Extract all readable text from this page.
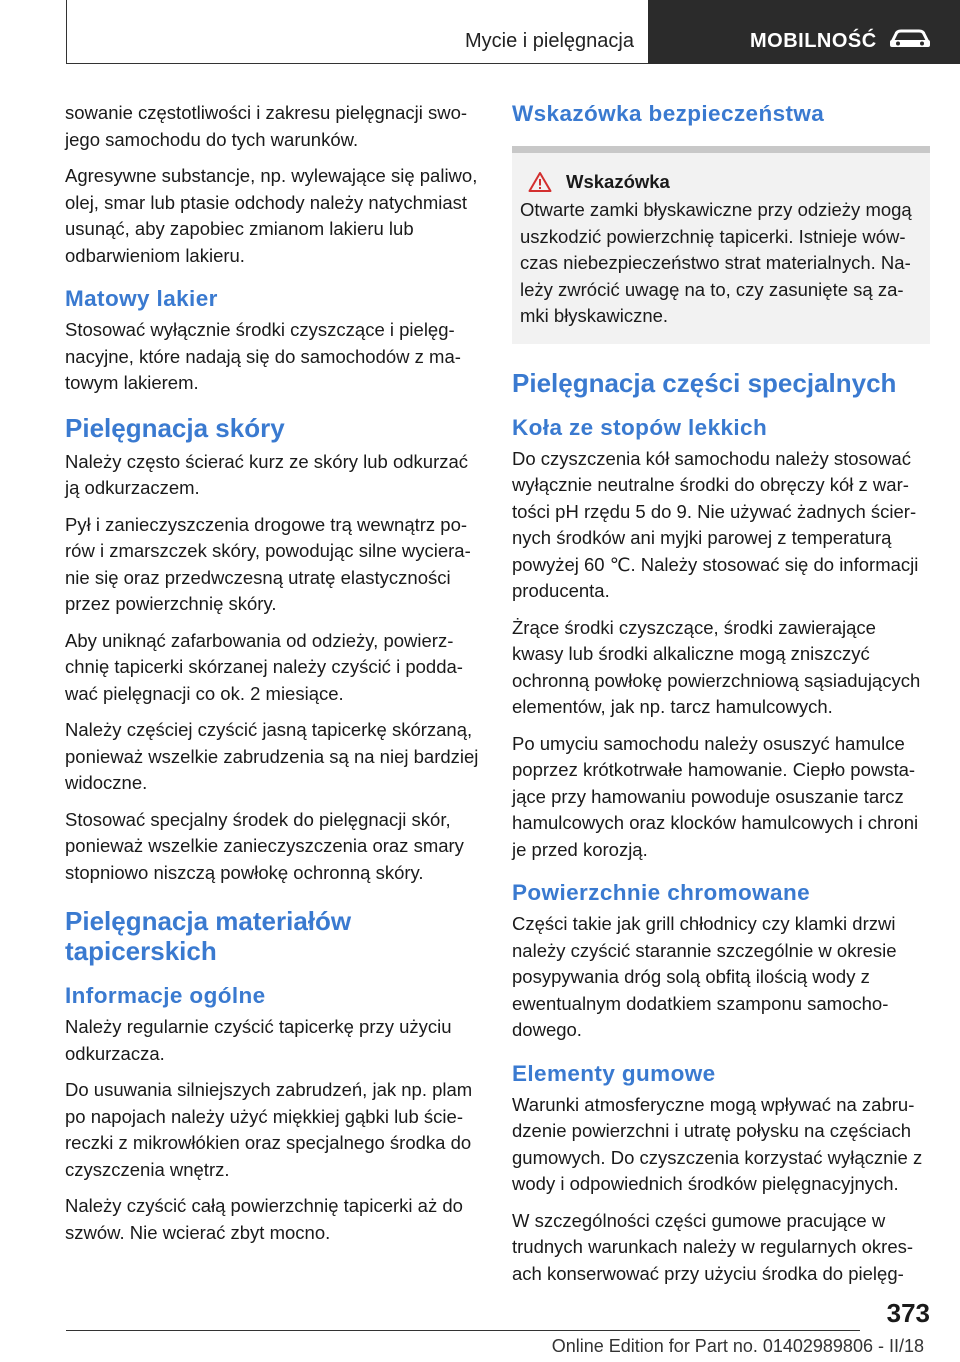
Mycie i pielęgnacja	MOBILNOŚĆ

sowanie częstotliwości i zakresu pielęgnacji swojego samochodu do tych warunków.

Agresywne substancje, np. wylewające się paliwo, olej, smar lub ptasie odchody należy natychmiast usunąć, aby zapobiec zmianom lakieru lub odbarwieniom lakieru.

Matowy lakier

Stosować wyłącznie środki czyszczące i pielęgnacyjne, które nadają się do samochodów z matowym lakierem.

Pielęgnacja skóry

Należy często ścierać kurz ze skóry lub odkurzać ją odkurzaczem.

Pył i zanieczyszczenia drogowe trą wewnątrz porów i zmarszczek skóry, powodując silne wycieranie się oraz przedwczesną utratę elastyczności przez powierzchnię skóry.

Aby uniknąć zafarbowania od odzieży, powierzchnię tapicerki skórzanej należy czyścić i poddawać pielęgnacji co ok. 2 miesiące.

Należy częściej czyścić jasną tapicerkę skórzaną, ponieważ wszelkie zabrudzenia są na niej bardziej widoczne.

Stosować specjalny środek do pielęgnacji skór, ponieważ wszelkie zanieczyszczenia oraz smary stopniowo niszczą powłokę ochronną skóry.

Pielęgnacja materiałów tapicerskich
Informacje ogólne

Należy regularnie czyścić tapicerkę przy użyciu odkurzacza.

Do usuwania silniejszych zabrudzeń, jak np. plam po napojach należy użyć miękkiej gąbki lub ściereczki z mikrowłókien oraz specjalnego środka do czyszczenia wnętrz.

Należy czyścić całą powierzchnię tapicerki aż do szwów. Nie wcierać zbyt mocno.

Wskazówka bezpieczeństwa
Wskazówka

Otwarte zamki błyskawiczne przy odzieży mogą uszkodzić powierzchnię tapicerki. Istnieje wówczas niebezpieczeństwo strat materialnych. Należy zwrócić uwagę na to, czy zasunięte są zamki błyskawiczne.

Pielęgnacja części specjalnych
Koła ze stopów lekkich

Do czyszczenia kół samochodu należy stosować wyłącznie neutralne środki do obręczy kół z wartości pH rzędu 5 do 9. Nie używać żadnych ściernych środków ani myjki parowej z temperaturą powyżej 60 ℃. Należy stosować się do informacji producenta.

Żrące środki czyszczące, środki zawierające kwasy lub środki alkaliczne mogą zniszczyć ochronną powłokę powierzchniową sąsiadujących elementów, jak np. tarcz hamulcowych.

Po umyciu samochodu należy osuszyć hamulce poprzez krótkotrwałe hamowanie. Ciepło powstające przy hamowaniu powoduje osuszanie tarcz hamulcowych oraz klocków hamulcowych i chroni je przed korozją.

Powierzchnie chromowane

Części takie jak grill chłodnicy czy klamki drzwi należy czyścić starannie szczególnie w okresie posypywania dróg solą obfitą ilością wody z ewentualnym dodatkiem szamponu samochodowego.

Elementy gumowe

Warunki atmosferyczne mogą wpływać na zabrudzenie powierzchni i utratę połysku na częściach gumowych. Do czyszczenia korzystać wyłącznie z wody i odpowiednich środków pielęgnacyjnych.

W szczególności części gumowe pracujące w trudnych warunkach należy w regularnych okresach konserwować przy użyciu środka do pielęg-

373
Online Edition for Part no. 01402989806 - II/18
